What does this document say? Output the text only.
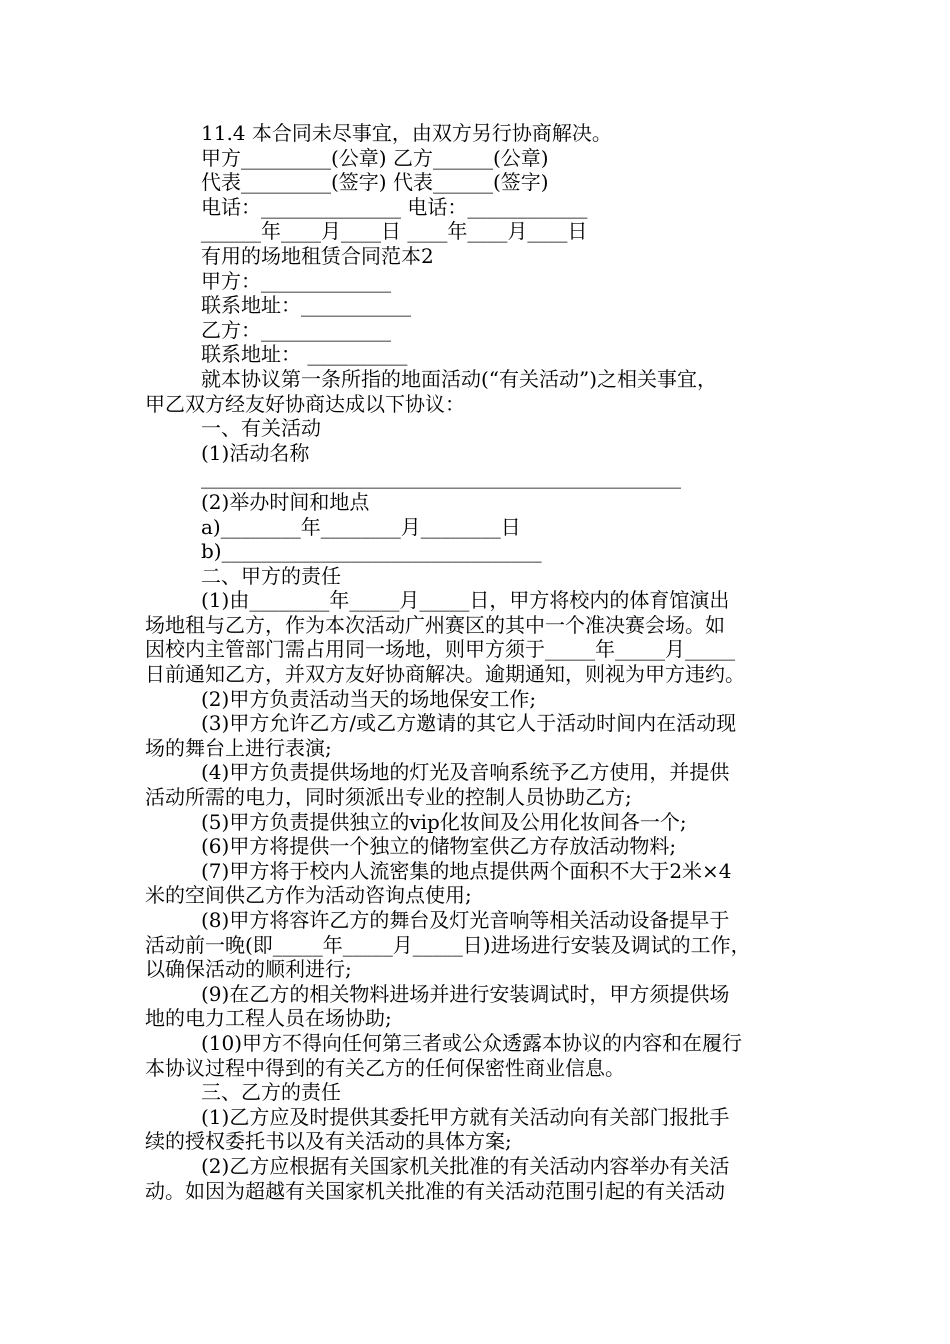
11.4 本合同未尽事宜，由双方另行协商解决。

甲方_________(公章) 乙方______(公章)

代表_________(签字) 代表______(签字)

电话：______________ 电话：____________

______年____月____日 ____年____月____日

有用的场地租赁合同范本2

甲方：_____________

联系地址：___________

乙方：_____________

联系地址： __________

就本协议第一条所指的地面活动(“有关活动”)之相关事宜，

甲乙双方经友好协商达成以下协议：

一、有关活动

(1)活动名称

________________________________________________

(2)举办时间和地点

a)________年________月________日

b)________________________________

二、甲方的责任

(1)由________年_____月_____日，甲方将校内的体育馆演出

场地租与乙方，作为本次活动广州赛区的其中一个准决赛会场。如

因校内主管部门需占用同一场地，则甲方须于_____年_____月_____

日前通知乙方，并双方友好协商解决。逾期通知，则视为甲方违约。

(2)甲方负责活动当天的场地保安工作;

(3)甲方允许乙方/或乙方邀请的其它人于活动时间内在活动现

场的舞台上进行表演;

(4)甲方负责提供场地的灯光及音响系统予乙方使用，并提供

活动所需的电力，同时须派出专业的控制人员协助乙方;

(5)甲方负责提供独立的vip化妆间及公用化妆间各一个;

(6)甲方将提供一个独立的储物室供乙方存放活动物料;

(7)甲方将于校内人流密集的地点提供两个面积不大于2米×4

米的空间供乙方作为活动咨询点使用;

(8)甲方将容许乙方的舞台及灯光音响等相关活动设备提早于

活动前一晚(即_____年_____月_____日)进场进行安装及调试的工作，

以确保活动的顺利进行;

(9)在乙方的相关物料进场并进行安装调试时，甲方须提供场

地的电力工程人员在场协助;

(10)甲方不得向任何第三者或公众透露本协议的内容和在履行

本协议过程中得到的有关乙方的任何保密性商业信息。

三、乙方的责任

(1)乙方应及时提供其委托甲方就有关活动向有关部门报批手

续的授权委托书以及有关活动的具体方案;

(2)乙方应根据有关国家机关批准的有关活动内容举办有关活

动。如因为超越有关国家机关批准的有关活动范围引起的有关活动
